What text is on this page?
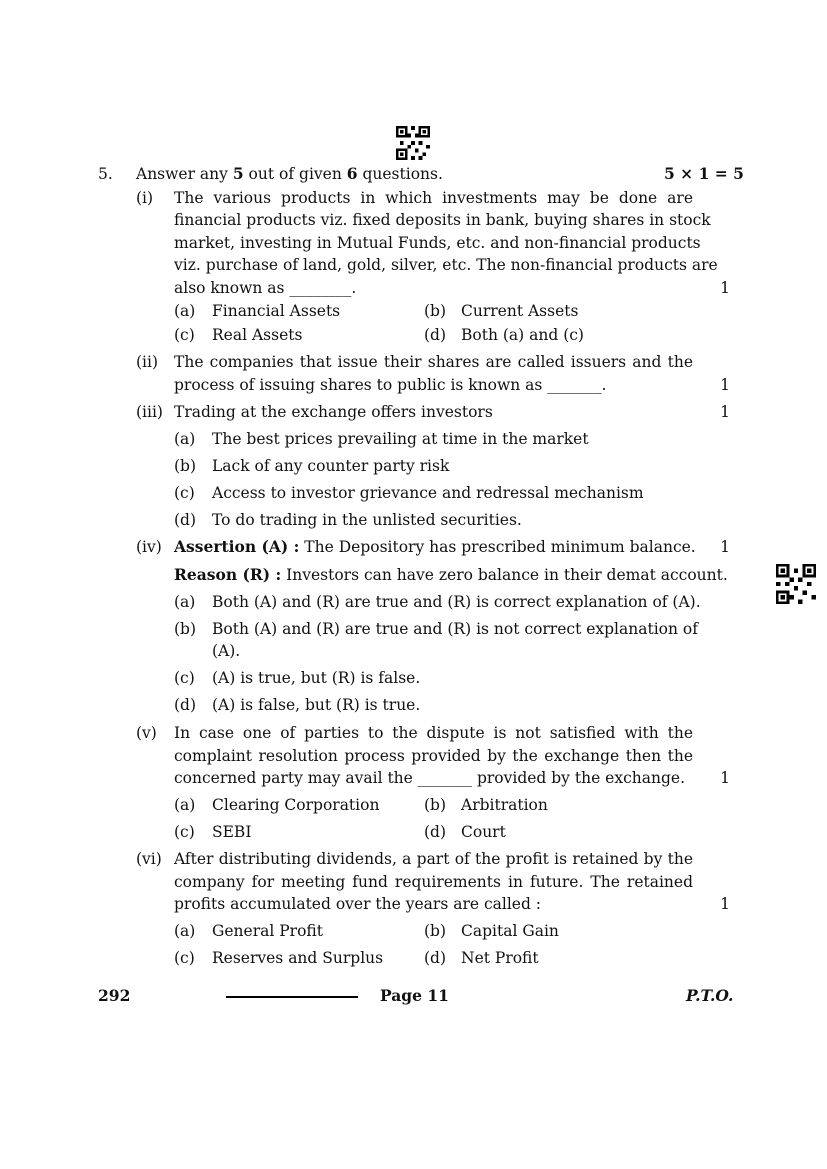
5. Answer any 5 out of given 6 questions.	5 × 1 = 5
(i) The various products in which investments may be done are
financial products viz. fixed deposits in bank, buying shares in stock
market, investing in Mutual Funds, etc. and non-financial products
viz. purchase of land, gold, silver, etc. The non-financial products are
also known as ________.	1
(a) Financial Assets	(b) Current Assets
(c) Real Assets	(d) Both (a) and (c)
(ii) The companies that issue their shares are called issuers and the
process of issuing shares to public is known as _______.	1
(iii) Trading at the exchange offers investors	1
(a) The best prices prevailing at time in the market
(b) Lack of any counter party risk
(c) Access to investor grievance and redressal mechanism
(d) To do trading in the unlisted securities.
(iv) Assertion (A) : The Depository has prescribed minimum balance. 1
Reason (R) : Investors can have zero balance in their demat account.
(a) Both (A) and (R) are true and (R) is correct explanation of (A).
(b) Both (A) and (R) are true and (R) is not correct explanation of
(A).
(c) (A) is true, but (R) is false.
(d) (A) is false, but (R) is true.
(v) In case one of parties to the dispute is not satisfied with the
complaint resolution process provided by the exchange then the
concerned party may avail the _______ provided by the exchange. 1
(a) Clearing Corporation	(b) Arbitration
(c) SEBI	(d) Court
(vi) After distributing dividends, a part of the profit is retained by the
company for meeting fund requirements in future. The retained
profits accumulated over the years are called :	1
(a) General Profit	(b) Capital Gain
(c) Reserves and Surplus	(d) Net Profit
292	Page 11	P.T.O.
